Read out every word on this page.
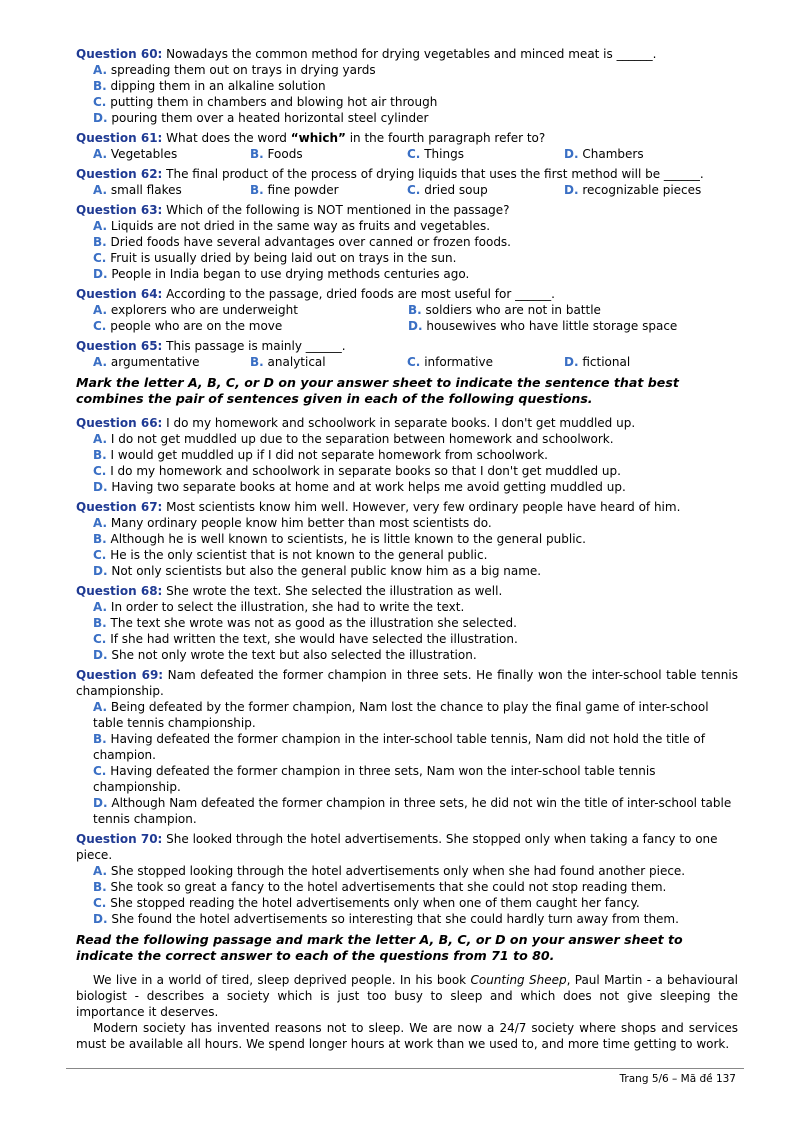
Question 60: Nowadays the common method for drying vegetables and minced meat is ______.

A. spreading them out on trays in drying yards
B. dipping them in an alkaline solution
C. putting them in chambers and blowing hot air through
D. pouring them over a heated horizontal steel cylinder

Question 61: What does the word “which” in the fourth paragraph refer to?

A. Vegetables	B. Foods	C. Things	D. Chambers

Question 62: The final product of the process of drying liquids that uses the first method will be ______.

A. small flakes	B. fine powder	C. dried soup	D. recognizable pieces

Question 63: Which of the following is NOT mentioned in the passage?

A. Liquids are not dried in the same way as fruits and vegetables.
B. Dried foods have several advantages over canned or frozen foods.
C. Fruit is usually dried by being laid out on trays in the sun.
D. People in India began to use drying methods centuries ago.

Question 64: According to the passage, dried foods are most useful for ______.

A. explorers who are underweight	B. soldiers who are not in battle
C. people who are on the move	D. housewives who have little storage space

Question 65: This passage is mainly ______.

A. argumentative	B. analytical	C. informative	D. fictional
Mark the letter A, B, C, or D on your answer sheet to indicate the sentence that best combines the pair of sentences given in each of the following questions.

Question 66: I do my homework and schoolwork in separate books. I don't get muddled up.

A. I do not get muddled up due to the separation between homework and schoolwork.
B. I would get muddled up if I did not separate homework from schoolwork.
C. I do my homework and schoolwork in separate books so that I don't get muddled up.
D. Having two separate books at home and at work helps me avoid getting muddled up.

Question 67: Most scientists know him well. However, very few ordinary people have heard of him.

A. Many ordinary people know him better than most scientists do.
B. Although he is well known to scientists, he is little known to the general public.
C. He is the only scientist that is not known to the general public.
D. Not only scientists but also the general public know him as a big name.

Question 68: She wrote the text. She selected the illustration as well.

A. In order to select the illustration, she had to write the text.
B. The text she wrote was not as good as the illustration she selected.
C. If she had written the text, she would have selected the illustration.
D. She not only wrote the text but also selected the illustration.

Question 69: Nam defeated the former champion in three sets. He finally won the inter-school table tennis championship.

A. Being defeated by the former champion, Nam lost the chance to play the final game of inter-school table tennis championship.
B. Having defeated the former champion in the inter-school table tennis, Nam did not hold the title of champion.
C. Having defeated the former champion in three sets, Nam won the inter-school table tennis championship.
D. Although Nam defeated the former champion in three sets, he did not win the title of inter-school table tennis champion.

Question 70: She looked through the hotel advertisements. She stopped only when taking a fancy to one piece.

A. She stopped looking through the hotel advertisements only when she had found another piece.
B. She took so great a fancy to the hotel advertisements that she could not stop reading them.
C. She stopped reading the hotel advertisements only when one of them caught her fancy.
D. She found the hotel advertisements so interesting that she could hardly turn away from them.
Read the following passage and mark the letter A, B, C, or D on your answer sheet to indicate the correct answer to each of the questions from 71 to 80.

We live in a world of tired, sleep deprived people. In his book Counting Sheep, Paul Martin - a behavioural biologist - describes a society which is just too busy to sleep and which does not give sleeping the importance it deserves.

Modern society has invented reasons not to sleep. We are now a 24/7 society where shops and services must be available all hours. We spend longer hours at work than we used to, and more time getting to work.

Trang 5/6 – Mã đề 137
